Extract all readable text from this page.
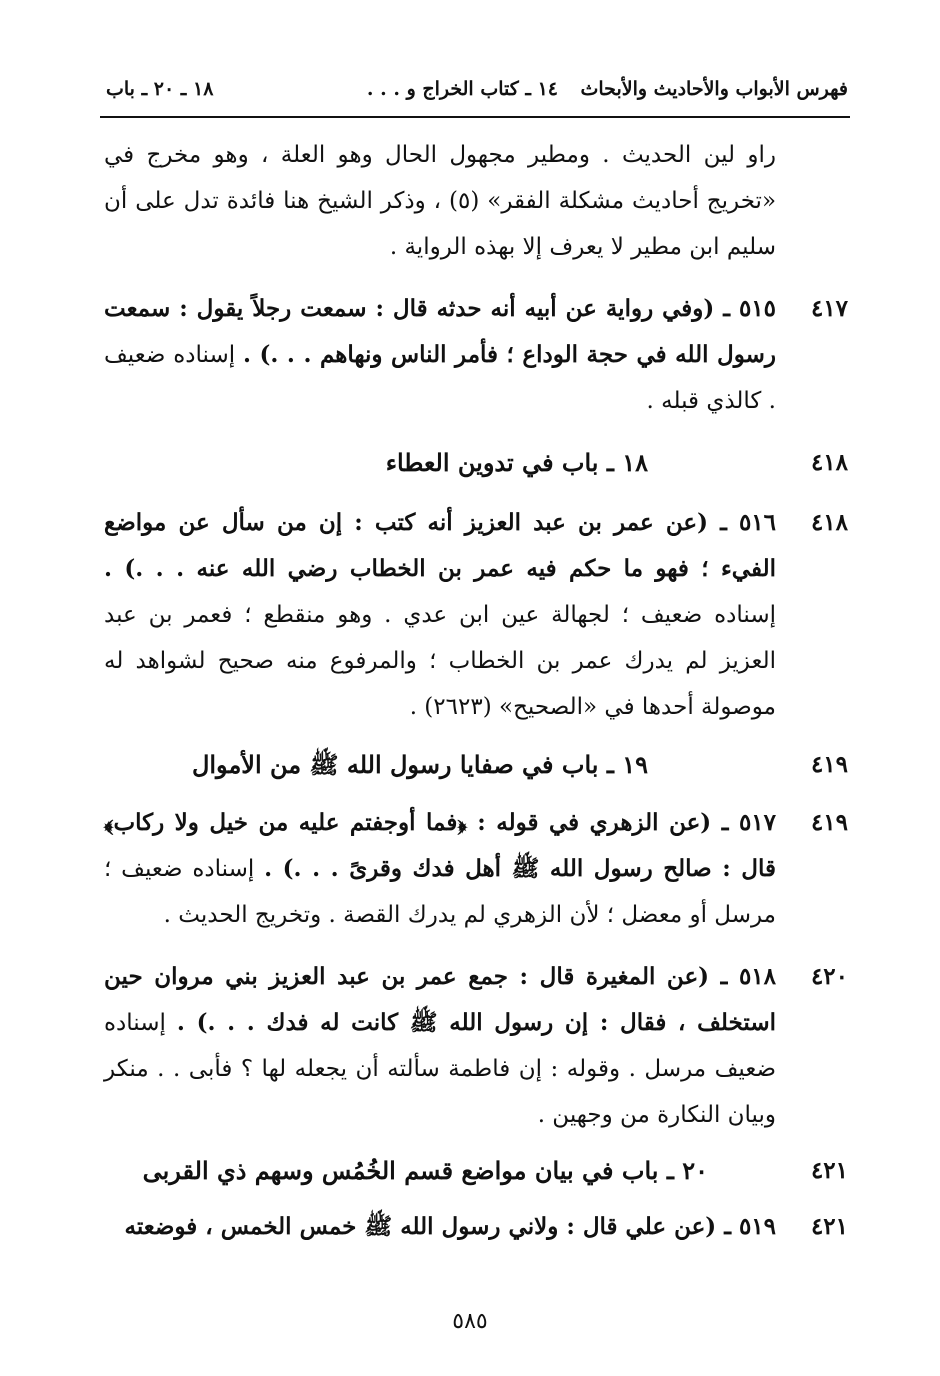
فهرس الأبواب والأحاديث والأبحاث
١٤ ـ كتاب الخراج و . . .
١٨ ـ ٢٠ ـ باب
راو لين الحديث . ومطير مجهول الحال وهو العلة ، وهو مخرج في «تخريج أحاديث مشكلة الفقر» (٥) ، وذكر الشيخ هنا فائدة تدل على أن سليم ابن مطير لا يعرف إلا بهذه الرواية .
٤١٧
٥١٥ ـ (وفي رواية عن أبيه أنه حدثه قال : سمعت رجلاً يقول : سمعت رسول الله في حجة الوداع ؛ فأمر الناس ونهاهم . . .) . إسناده ضعيف . كالذي قبله .
٤١٨
١٨ ـ باب في تدوين العطاء
٤١٨
٥١٦ ـ (عن عمر بن عبد العزيز أنه كتب : إن من سأل عن مواضع الفيء ؛ فهو ما حكم فيه عمر بن الخطاب رضي الله عنه . . .) . إسناده ضعيف ؛ لجهالة عين ابن عدي . وهو منقطع ؛ فعمر بن عبد العزيز لم يدرك عمر بن الخطاب ؛ والمرفوع منه صحيح لشواهد له موصولة أحدها في «الصحيح» (٢٦٢٣) .
٤١٩
١٩ ـ باب في صفايا رسول الله ﷺ من الأموال
٤١٩
٥١٧ ـ (عن الزهري في قوله : ﴿فما أوجفتم عليه من خيل ولا ركاب﴾ قال : صالح رسول الله ﷺ أهل فدك وقرىً . . .) . إسناده ضعيف ؛ مرسل أو معضل ؛ لأن الزهري لم يدرك القصة . وتخريج الحديث .
٤٢٠
٥١٨ ـ (عن المغيرة قال : جمع عمر بن عبد العزيز بني مروان حين استخلف ، فقال : إن رسول الله ﷺ كانت له فدك . . .) . إسناده ضعيف مرسل . وقوله : إن فاطمة سألته أن يجعله لها ؟ فأبى . . منكر وبيان النكارة من وجهين .
٤٢١
٢٠ ـ باب في بيان مواضع قسم الخُمُس وسهم ذي القربى
٤٢١
٥١٩ ـ (عن علي قال : ولاني رسول الله ﷺ خمس الخمس ، فوضعته
٥٨٥
